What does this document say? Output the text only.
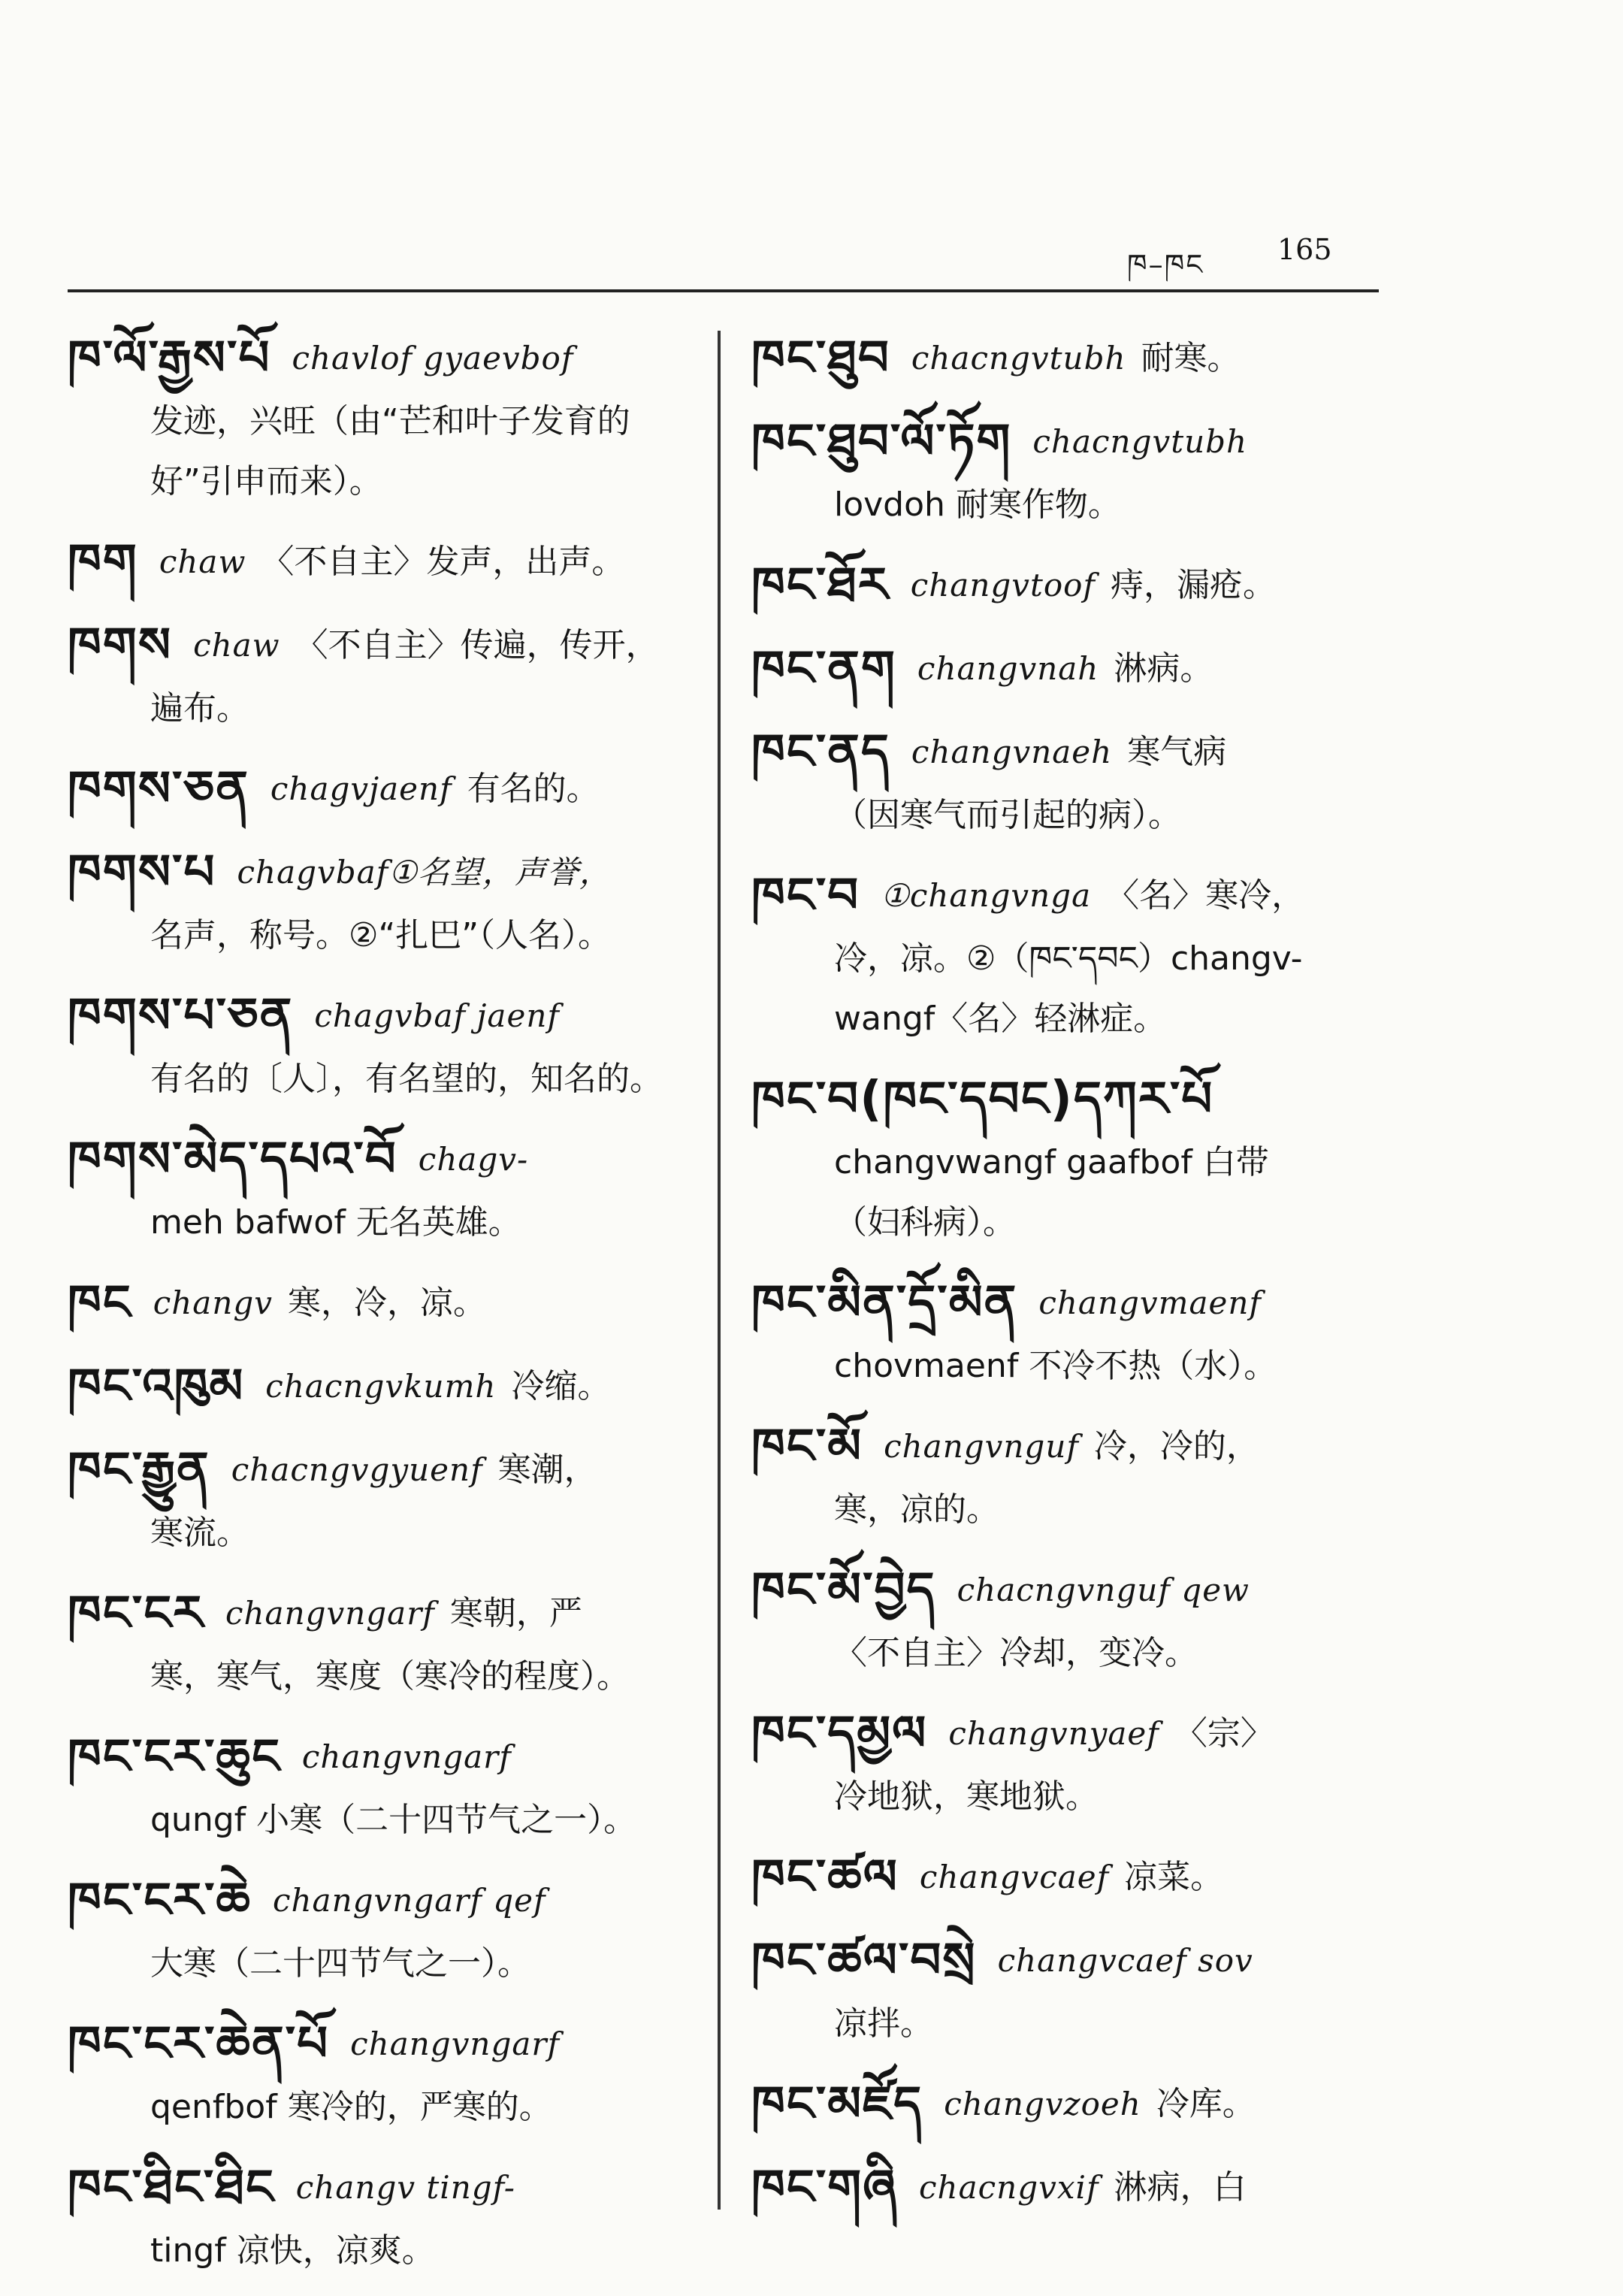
ཁ–ཁང	165
ཁ་ལོ་རྒྱས་པོ chavlof gyaevbof
发迹，兴旺（由“芒和叶子发育的
好”引申而来）。
ཁག chaw 〈不自主〉发声，出声。
ཁགས chaw 〈不自主〉传遍，传开，
遍布。
ཁགས་ཅན chagvjaenf 有名的。
ཁགས་པ chagvbaf①名望，声誉，
名声，称号。②“扎巴”（人名）。
ཁགས་པ་ཅན chagvbaf jaenf
有名的〔人〕，有名望的，知名的。
ཁགས་མེད་དཔའ་བོ chagv-
meh bafwof 无名英雄。
ཁང changv 寒，冷，凉。
ཁང་འཁུམ chacngvkumh 冷缩。
ཁང་རྒྱུན chacngvgyuenf 寒潮，
寒流。
ཁང་ངར changvngarf 寒朝，严
寒，寒气，寒度（寒冷的程度）。
ཁང་ངར་ཆུང changvngarf
qungf 小寒（二十四节气之一）。
ཁང་ངར་ཆེ changvngarf qef
大寒（二十四节气之一）。
ཁང་ངར་ཆེན་པོ changvngarf
qenfbof 寒冷的，严寒的。
ཁང་ཐིང་ཐིང changv tingf-
tingf 凉快，凉爽。
ཁང་ཐུབ chacngvtubh 耐寒。
ཁང་ཐུབ་ལོ་ཏོག chacngvtubh
lovdoh 耐寒作物。
ཁང་ཐོར changvtoof 痔，漏疮。
ཁང་ནག changvnah 淋病。
ཁང་ནད changvnaeh 寒气病
（因寒气而引起的病）。
ཁང་བ ①changvnga 〈名〉寒冷，
冷，凉。②（ཁང་དབང）changv-
wangf〈名〉轻淋症。
ཁང་བ(ཁང་དབང)དཀར་པོ
changvwangf gaafbof 白带
（妇科病）。
ཁང་མིན་དྲོ་མིན changvmaenf
chovmaenf 不冷不热（水）。
ཁང་མོ changvnguf 冷，冷的，
寒，凉的。
ཁང་མོ་བྱེད chacngvnguf qew
〈不自主〉冷却，变冷。
ཁང་དམྱལ changvnyaef 〈宗〉
冷地狱，寒地狱。
ཁང་ཚལ changvcaef 凉菜。
ཁང་ཚལ་བསྲེ changvcaef sov
凉拌。
ཁང་མཛོད changvzoeh 冷库。
ཁང་གཞི chacngvxif 淋病，白
